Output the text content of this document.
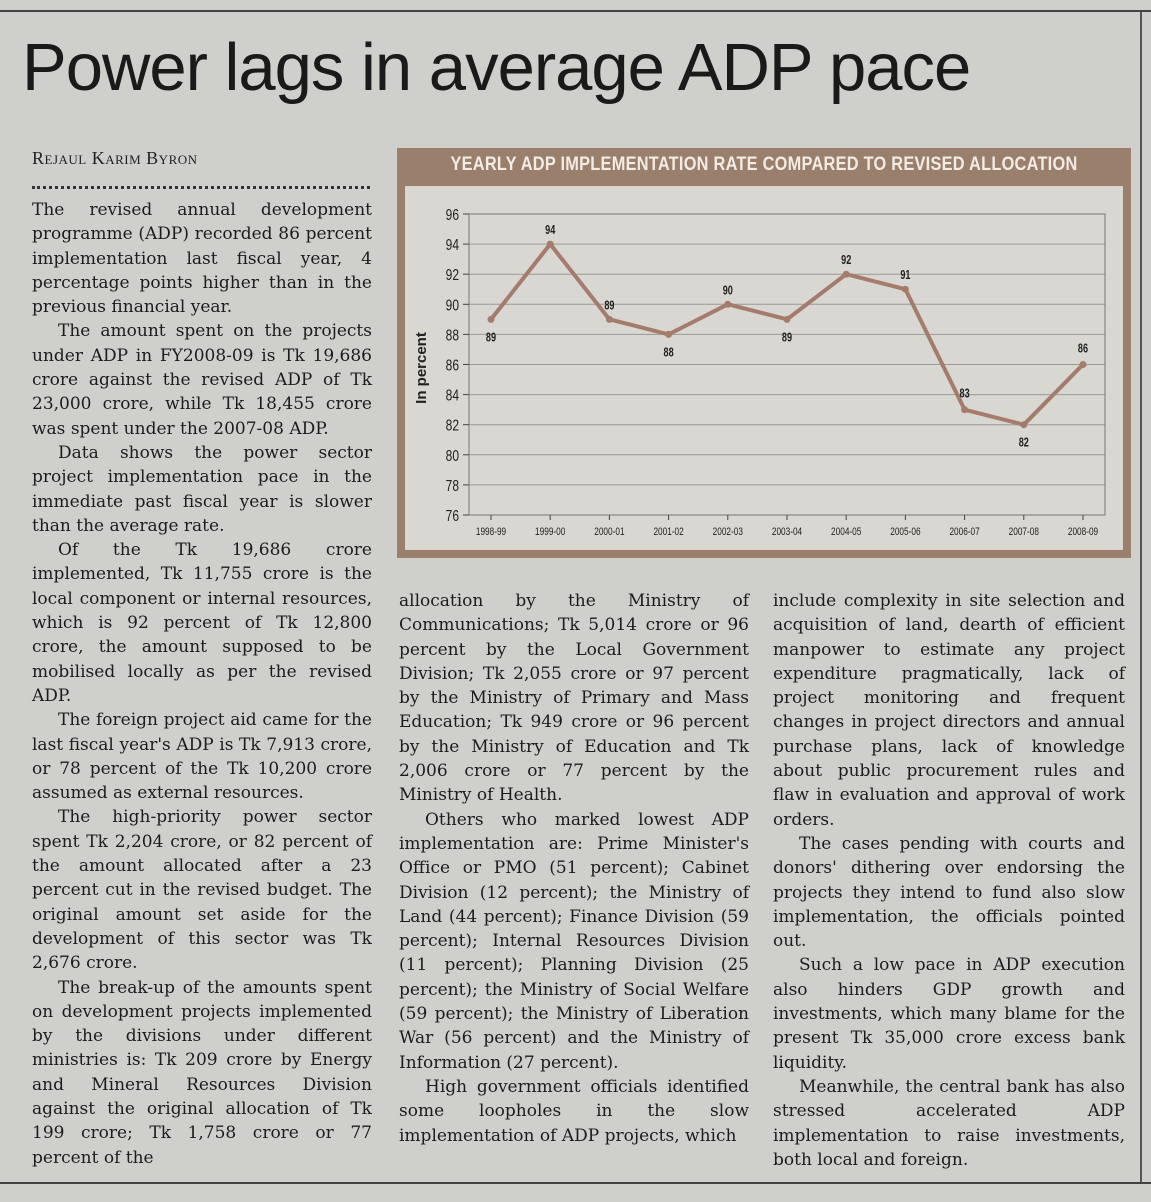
Power lags in average ADP pace
Rejaul Karim Byron

The revised annual development programme (ADP) recorded 86 percent implementation last fiscal year, 4 percentage points higher than in the previous financial year.

The amount spent on the projects under ADP in FY2008-09 is Tk 19,686 crore against the revised ADP of Tk 23,000 crore, while Tk 18,455 crore was spent under the 2007-08 ADP.

Data shows the power sector project implementation pace in the immediate past fiscal year is slower than the average rate.

Of the Tk 19,686 crore implemented, Tk 11,755 crore is the local component or internal resources, which is 92 percent of Tk 12,800 crore, the amount supposed to be mobilised locally as per the revised ADP.

The foreign project aid came for the last fiscal year's ADP is Tk 7,913 crore, or 78 percent of the Tk 10,200 crore assumed as external resources.

The high-priority power sector spent Tk 2,204 crore, or 82 percent of the amount allocated after a 23 percent cut in the revised budget. The original amount set aside for the development of this sector was Tk 2,676 crore.

The break-up of the amounts spent on development projects implemented by the divisions under different ministries is: Tk 209 crore by Energy and Mineral Resources Division against the original allocation of Tk 199 crore; Tk 1,758 crore or 77 percent of the

YEARLY ADP IMPLEMENTATION RATE COMPARED TO REVISED ALLOCATION
76
78
80
82
84
86
88
90
92
94
96
1998-99	1999-00	2000-01	2001-02	2002-03	2003-04	2004-05	2005-06	2006-07	2007-08	2008-09
89
94
89
88
90
89
92
91
83
82
86
In percent

allocation by the Ministry of Communications; Tk 5,014 crore or 96 percent by the Local Government Division; Tk 2,055 crore or 97 percent by the Ministry of Primary and Mass Education; Tk 949 crore or 96 percent by the Ministry of Education and Tk 2,006 crore or 77 percent by the Ministry of Health.

Others who marked lowest ADP implementation are: Prime Minister's Office or PMO (51 percent); Cabinet Division (12 percent); the Ministry of Land (44 percent); Finance Division (59 percent); Internal Resources Division (11 percent); Planning Division (25 percent); the Ministry of Social Welfare (59 percent); the Ministry of Liberation War (56 percent) and the Ministry of Information (27 percent).

High government officials identified some loopholes in the slow implementation of ADP projects, which

include complexity in site selection and acquisition of land, dearth of efficient manpower to estimate any project expenditure pragmatically, lack of project monitoring and frequent changes in project directors and annual purchase plans, lack of knowledge about public procurement rules and flaw in evaluation and approval of work orders.

The cases pending with courts and donors' dithering over endorsing the projects they intend to fund also slow implementation, the officials pointed out.

Such a low pace in ADP execution also hinders GDP growth and investments, which many blame for the present Tk 35,000 crore excess bank liquidity.

Meanwhile, the central bank has also stressed accelerated ADP implementation to raise investments, both local and foreign.
